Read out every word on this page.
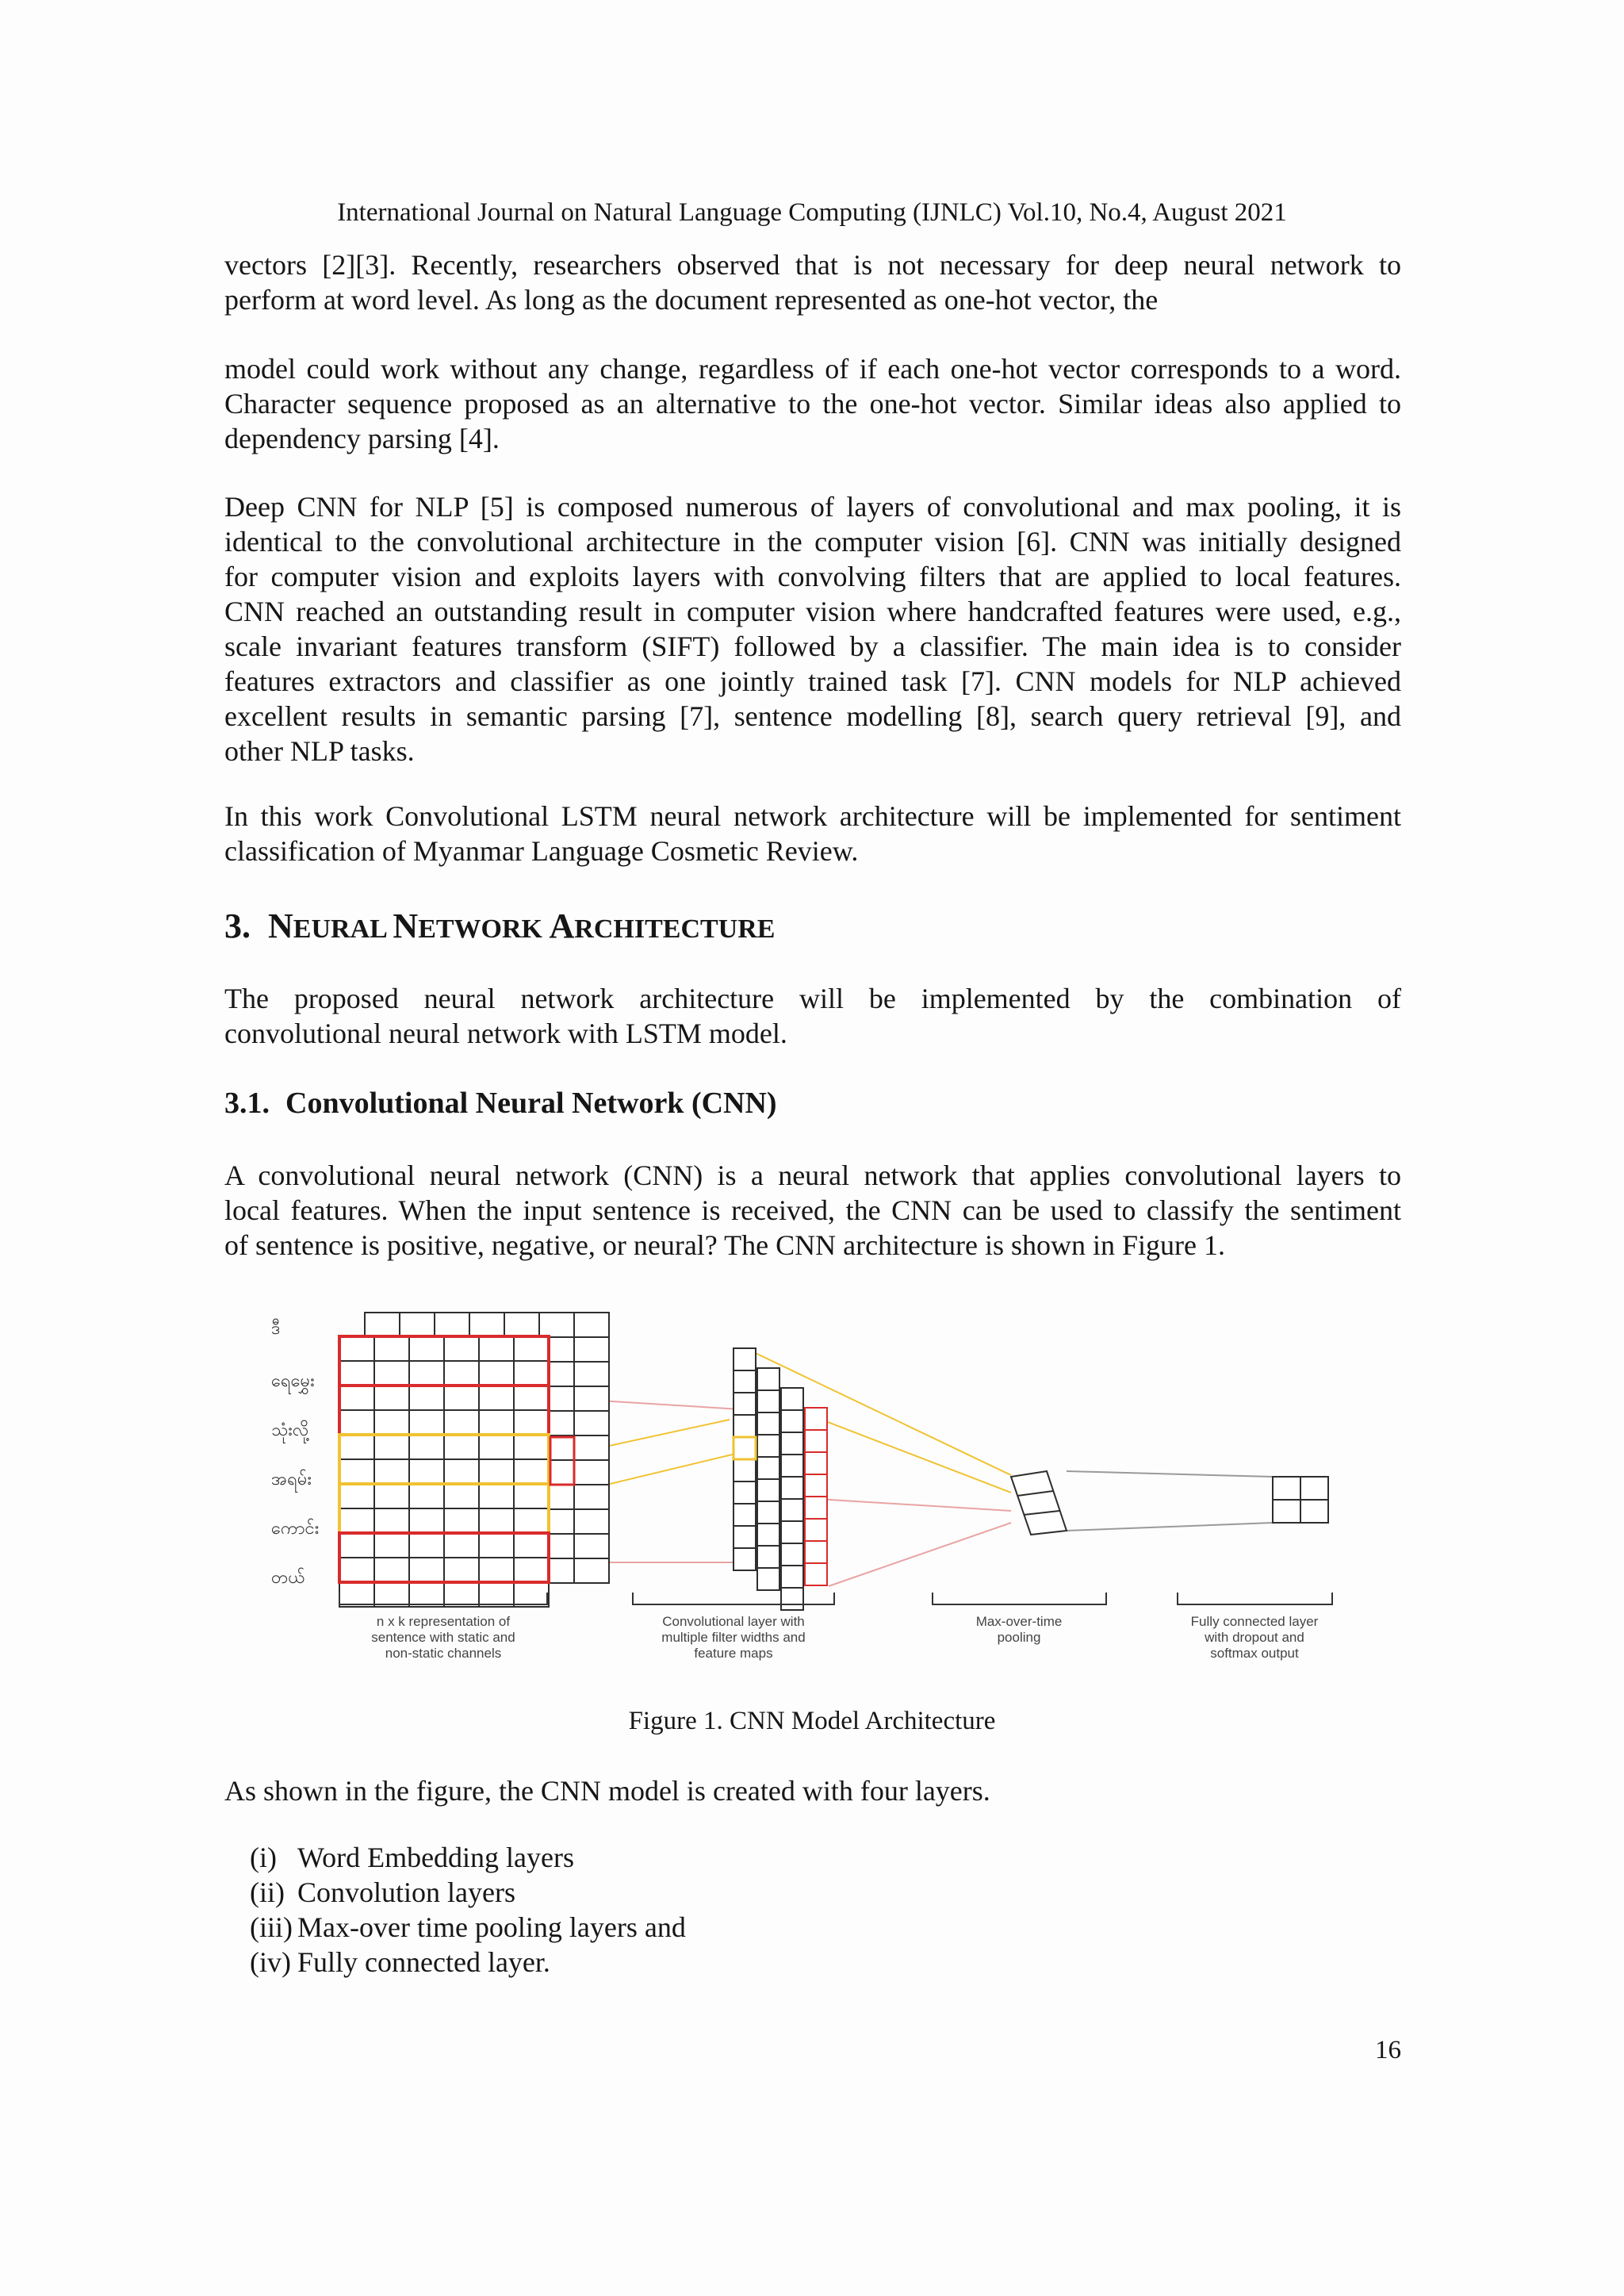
International Journal on Natural Language Computing (IJNLC) Vol.10, No.4, August 2021
vectors [2][3]. Recently, researchers observed that is not necessary for deep neural network to
perform at word level. As long as the document represented as one-hot vector, the
model could work without any change, regardless of if each one-hot vector corresponds to a word.
Character sequence proposed as an alternative to the one-hot vector. Similar ideas also applied to
dependency parsing [4].
Deep CNN for NLP [5] is composed numerous of layers of convolutional and max pooling, it is
identical to the convolutional architecture in the computer vision [6]. CNN was initially designed
for computer vision and exploits layers with convolving filters that are applied to local features.
CNN reached an outstanding result in computer vision where handcrafted features were used, e.g.,
scale invariant features transform (SIFT) followed by a classifier. The main idea is to consider
features extractors and classifier as one jointly trained task [7]. CNN models for NLP achieved
excellent results in semantic parsing [7], sentence modelling [8], search query retrieval [9], and
other NLP tasks.
In this work Convolutional LSTM neural network architecture will be implemented for sentiment
classification of Myanmar Language Cosmetic Review.
3. NEURAL NETWORK ARCHITECTURE
The proposed neural network architecture will be implemented by the combination of
convolutional neural network with LSTM model.
3.1. Convolutional Neural Network (CNN)
A convolutional neural network (CNN) is a neural network that applies convolutional layers to
local features. When the input sentence is received, the CNN can be used to classify the sentiment
of sentence is positive, negative, or neural? The CNN architecture is shown in Figure 1.
ဒီ
ရေမွှေး
သုံးလို့
အရမ်း
ကောင်း
တယ်
n x k representation of
sentence with static and
non-static channels
Convolutional layer with
multiple filter widths and
feature maps
Max-over-time
pooling
Fully connected layer
with dropout and
softmax output
Figure 1. CNN Model Architecture
As shown in the figure, the CNN model is created with four layers.
(i) Word Embedding layers
(ii) Convolution layers
(iii) Max-over time pooling layers and
(iv) Fully connected layer.
16
